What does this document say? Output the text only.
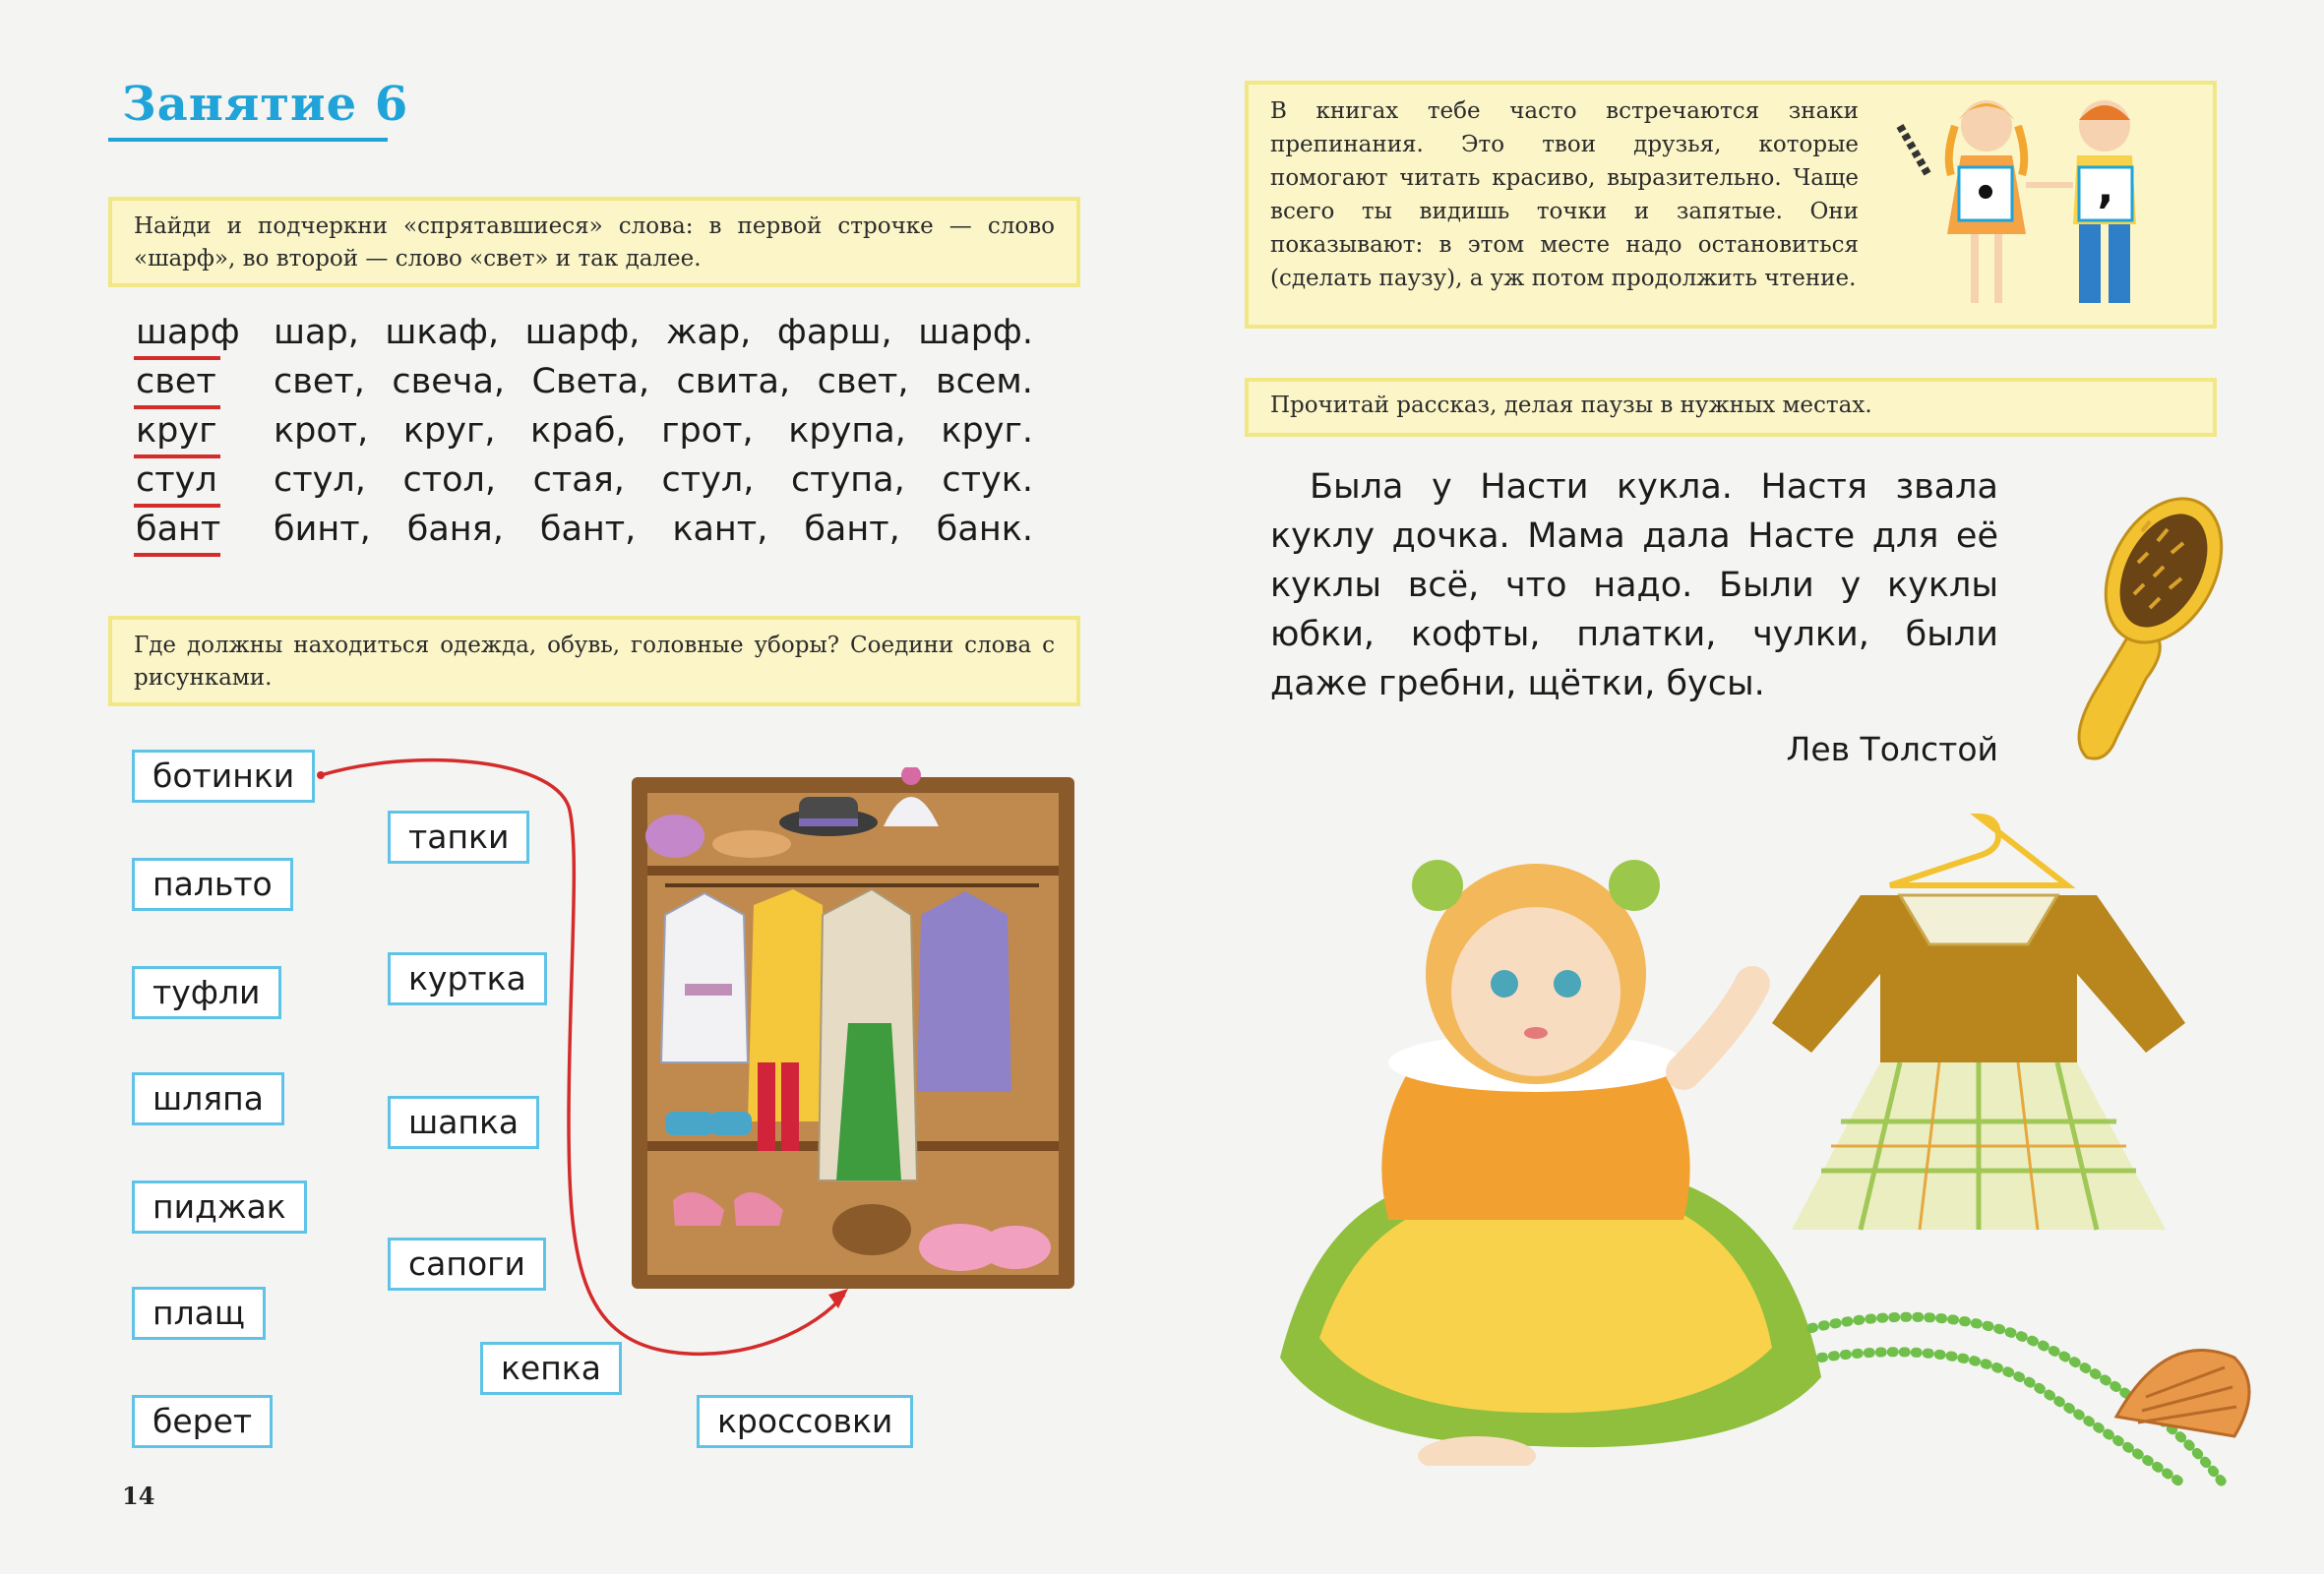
Занятие 6
Найди и подчеркни «спрятавшиеся» слова: в первой строчке — слово «шарф», во второй — слово «свет» и так далее.
шарф шар, шкаф, шарф, жар, фарш, шарф.
свет свет, свеча, Света, свита, свет, всем.
круг крот, круг, краб, грот, крупа, круг.
стул стул, стол, стая, стул, ступа, стук.
бант бинт, баня, бант, кант, бант, банк.
Где должны находиться одежда, обувь, головные уборы? Соедини слова с рисунками.
ботинки
пальто
туфли
шляпа
пиджак
плащ
берет
тапки
куртка
шапка
сапоги
кепка
кроссовки
14
В книгах тебе часто встречаются знаки препинания. Это твои друзья, которые помогают читать красиво, выразительно. Чаще всего ты видишь точки и запятые. Они показывают: в этом месте надо остановиться (сделать паузу), а уж потом продолжить чтение.
• ,
Прочитай рассказ, делая паузы в нужных местах.

Была у Насти кукла. Настя звала куклу дочка. Мама дала Насте для её куклы всё, что надо. Были у куклы юбки, кофты, платки, чулки, были даже гребни, щётки, бусы.

Лев Толстой
